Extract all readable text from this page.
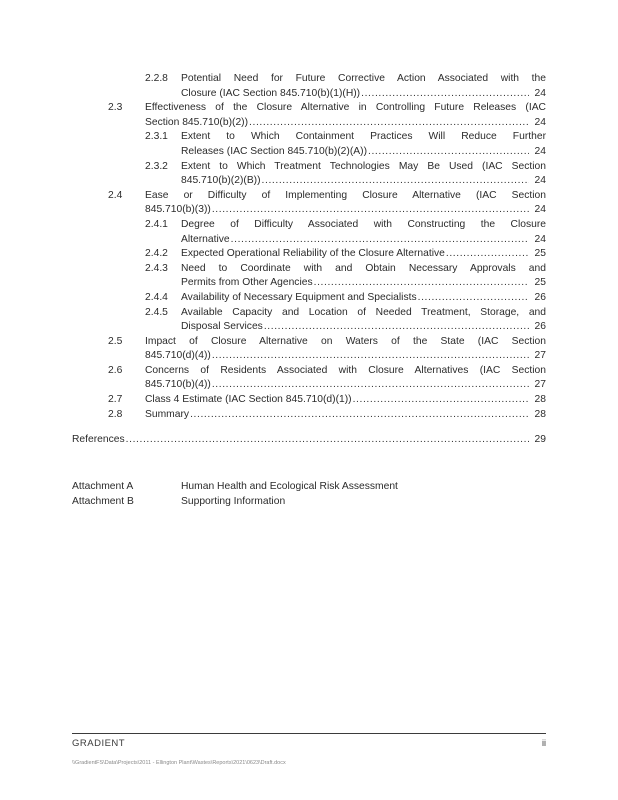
2.2.8	Potential Need for Future Corrective Action Associated with the
Closure (IAC Section 845.710(b)(1)(H)) .....	24
2.3	Effectiveness of the Closure Alternative in Controlling Future Releases (IAC
Section 845.710(b)(2)) .....	24
2.3.1	Extent to Which Containment Practices Will Reduce Further
Releases (IAC Section 845.710(b)(2)(A)) .....	24
2.3.2	Extent to Which Treatment Technologies May Be Used (IAC Section
845.710(b)(2)(B)) .....	24
2.4	Ease or Difficulty of Implementing Closure Alternative (IAC Section
845.710(b)(3)) .....	24
2.4.1	Degree of Difficulty Associated with Constructing the Closure
Alternative .....	24
2.4.2	Expected Operational Reliability of the Closure Alternative .....	25
2.4.3	Need to Coordinate with and Obtain Necessary Approvals and
Permits from Other Agencies .....	25
2.4.4	Availability of Necessary Equipment and Specialists .....	26
2.4.5	Available Capacity and Location of Needed Treatment, Storage, and
Disposal Services .....	26
2.5	Impact of Closure Alternative on Waters of the State (IAC Section
845.710(d)(4)) .....	27
2.6	Concerns of Residents Associated with Closure Alternatives (IAC Section
845.710(b)(4)) .....	27
2.7	Class 4 Estimate (IAC Section 845.710(d)(1)) .....	28
2.8	Summary .....	28
References .....	29
Attachment A	Human Health and Ecological Risk Assessment
Attachment B	Supporting Information
GRADIENT	ii
\\GradientFS\Data\Projects\2011 - Ellington Plant\Wastes\Reports\2021\0623\Draft.docx
